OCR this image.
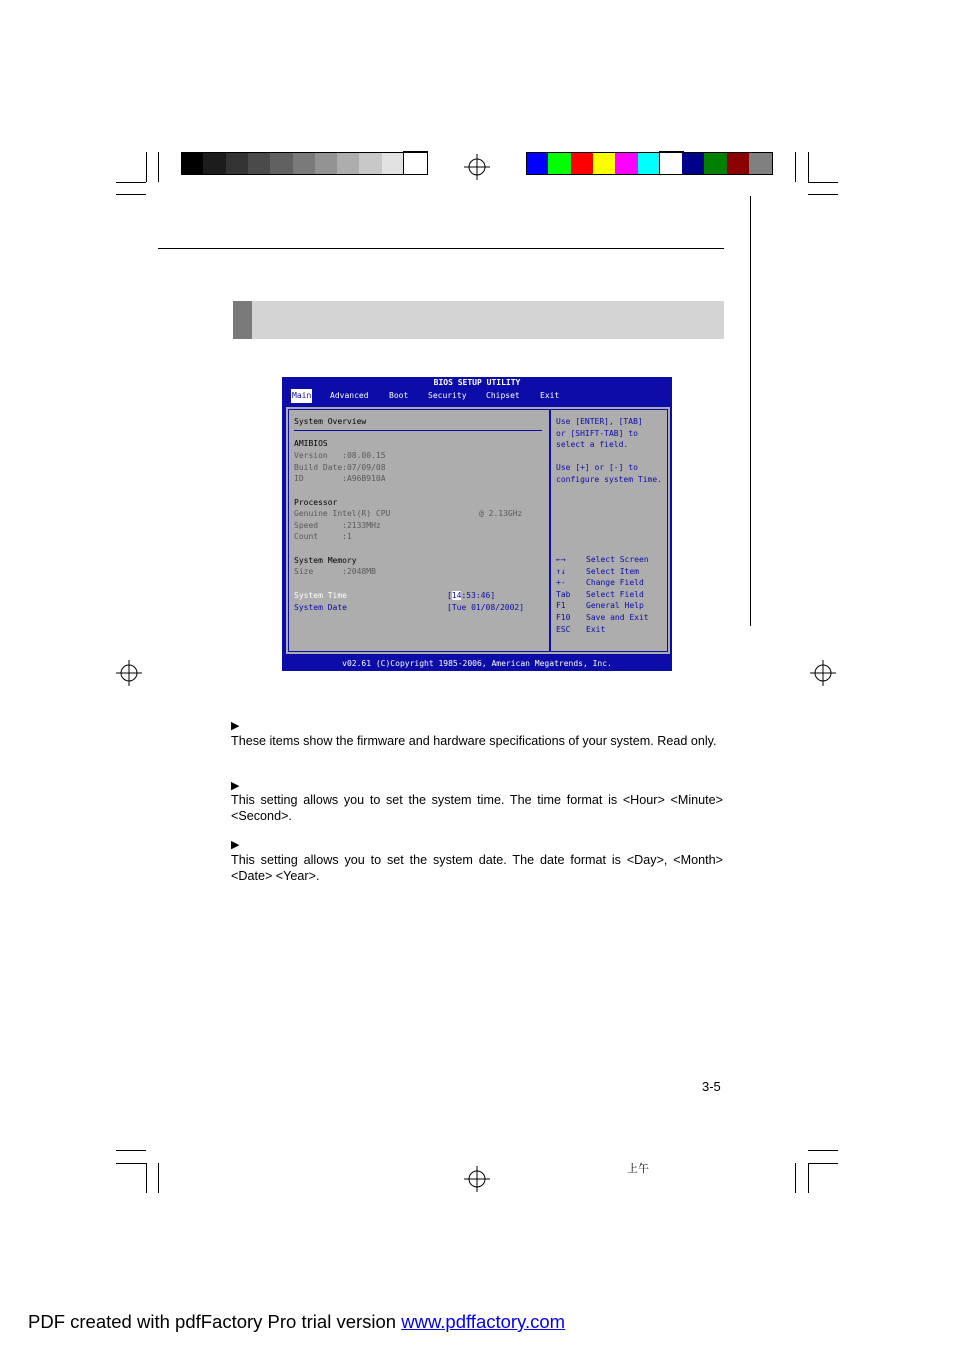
BIOS SETUP UTILITY
Main Advanced	Boot Security Chipset	Exit
System Overview
AMIBIOS
Version   :08.00.15
Build Date:07/09/08
ID        :A96B910A
Processor
Genuine Intel(R) CPU	@ 2.13GHz
Speed     :2133MHz
Count     :1
System Memory
Size      :2048MB
System Time	[14:53:46]
System Date	[Tue 01/08/2002]
Use [ENTER], [TAB]
or [SHIFT-TAB] to
select a field.

Use [+] or [-] to
configure system Time.
←→	Select Screen
↑↓	Select Item
+-	Change Field
Tab Select Field
F1	General Help
F10 Save and Exit
ESC Exit
v02.61 (C)Copyright 1985-2006, American Megatrends, Inc.
▶
These items show the firmware and hardware specifications of your system. Read only.
▶
This setting allows you to set the system time. The time format is <Hour> <Minute> <Second>.
▶
This setting allows you to set the system date. The date format is <Day>, <Month> <Date> <Year>.
3-5
上午
PDF created with pdfFactory Pro trial version www.pdffactory.com
